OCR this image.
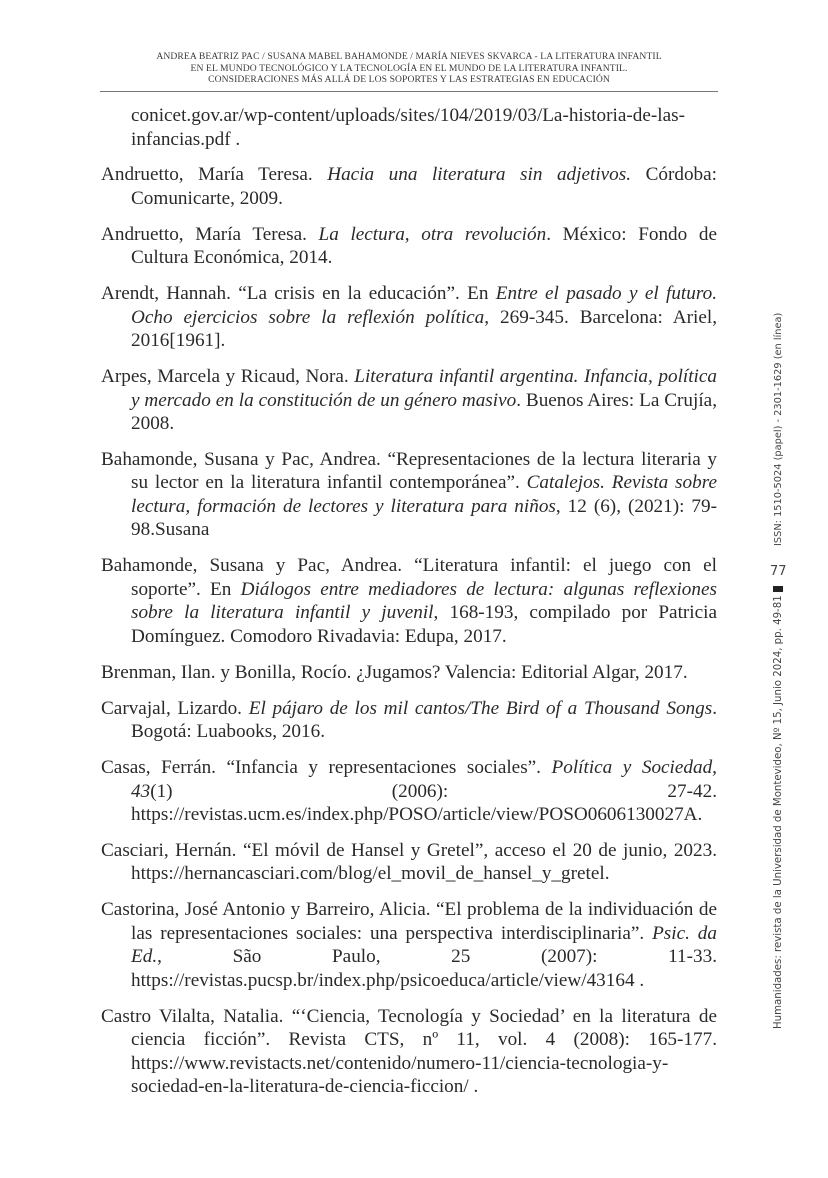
ANDREA BEATRIZ PAC / SUSANA MABEL BAHAMONDE / MARÍA NIEVES SKVARCA - LA LITERATURA INFANTIL
EN EL MUNDO TECNOLÓGICO Y LA TECNOLOGÍA EN EL MUNDO DE LA LITERATURA INFANTIL.
CONSIDERACIONES MÁS ALLÁ DE LOS SOPORTES Y LAS ESTRATEGIAS EN EDUCACIÓN

conicet.gov.ar/wp-content/uploads/sites/104/2019/03/La-historia-de-las-infancias.pdf .

Andruetto, María Teresa. Hacia una literatura sin adjetivos. Córdoba: Comunicarte, 2009.

Andruetto, María Teresa. La lectura, otra revolución. México: Fondo de Cultura Económica, 2014.

Arendt, Hannah. “La crisis en la educación”. En Entre el pasado y el futuro. Ocho ejercicios sobre la reflexión política, 269-345. Barcelona: Ariel, 2016[1961].

Arpes, Marcela y Ricaud, Nora. Literatura infantil argentina. Infancia, política y mercado en la constitución de un género masivo. Buenos Aires: La Crujía, 2008.

Bahamonde, Susana y Pac, Andrea. “Representaciones de la lectura literaria y su lector en la literatura infantil contemporánea”. Catalejos. Revista sobre lectura, formación de lectores y literatura para niños, 12 (6), (2021): 79-98.Susana

Bahamonde, Susana y Pac, Andrea. “Literatura infantil: el juego con el soporte”. En Diálogos entre mediadores de lectura: algunas reflexiones sobre la literatura infantil y juvenil, 168-193, compilado por Patricia Domínguez. Comodoro Rivadavia: Edupa, 2017.

Brenman, Ilan. y Bonilla, Rocío. ¿Jugamos? Valencia: Editorial Algar, 2017.

Carvajal, Lizardo. El pájaro de los mil cantos/The Bird of a Thousand Songs. Bogotá: Luabooks, 2016.

Casas, Ferrán. “Infancia y representaciones sociales”. Política y Sociedad, 43(1) (2006): 27-42. https://revistas.ucm.es/index.php/POSO/article/view/POSO0606130027A.

Casciari, Hernán. “El móvil de Hansel y Gretel”, acceso el 20 de junio, 2023. https://hernancasciari.com/blog/el_movil_de_hansel_y_gretel.

Castorina, José Antonio y Barreiro, Alicia. “El problema de la individuación de las representaciones sociales: una perspectiva interdisciplinaria”. Psic. da Ed., São Paulo, 25 (2007): 11-33. https://revistas.pucsp.br/index.php/psicoeduca/article/view/43164 .

Castro Vilalta, Natalia. “‘Ciencia, Tecnología y Sociedad’ en la literatura de ciencia ficción”. Revista CTS, nº 11, vol. 4 (2008): 165-177. https://www.revistacts.net/contenido/numero-11/ciencia-tecnologia-y-sociedad-en-la-literatura-de-ciencia-ficcion/ .

ISSN: 1510-5024 (papel) - 2301-1629 (en línea)
77
Humanidades: revista de la Universidad de Montevideo, Nº 15, Junio 2024, pp. 49-81
